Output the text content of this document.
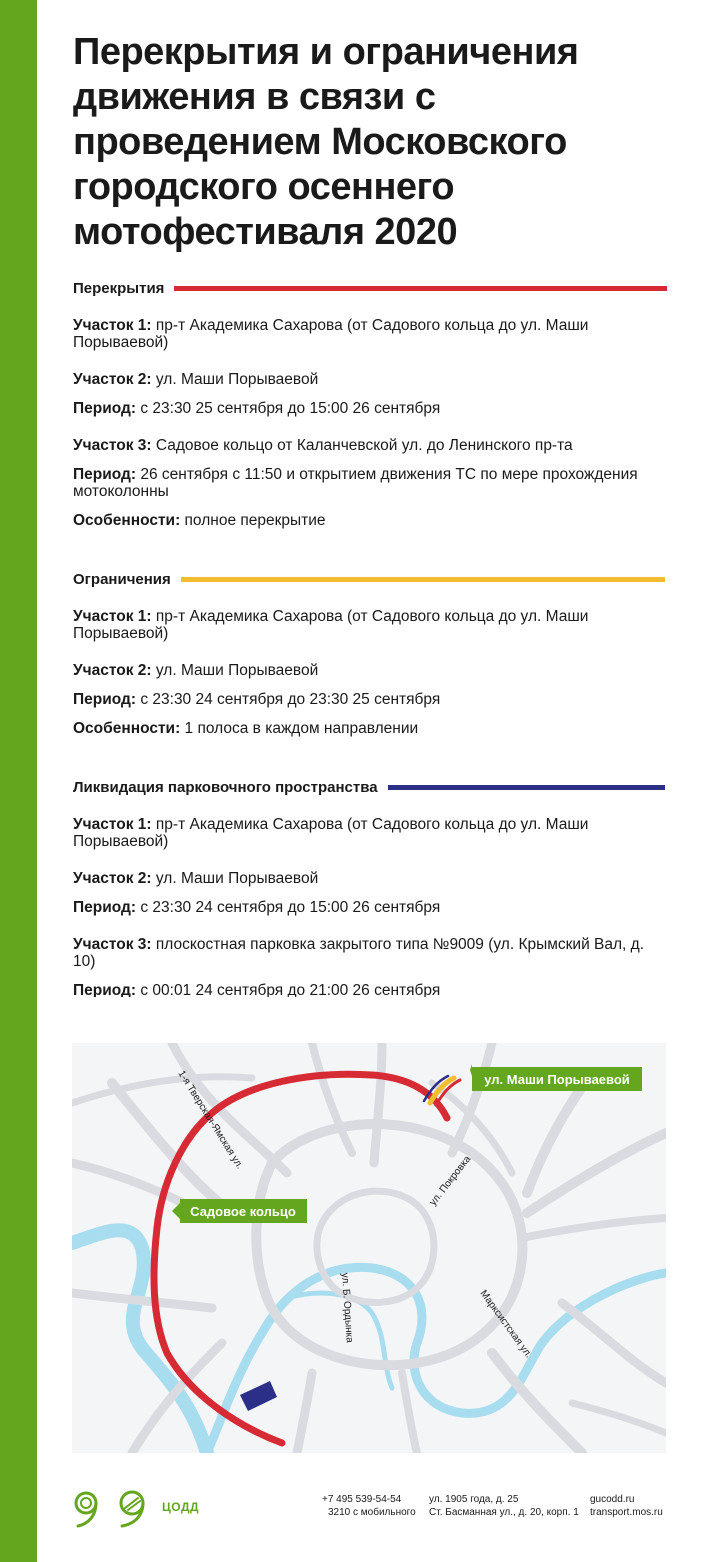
Перекрытия и ограничения движения в связи с проведением Московского городского осеннего мотофестиваля 2020
Перекрытия

Участок 1: пр-т Академика Сахарова (от Садового кольца до ул. Маши Порываевой)

Участок 2: ул. Маши Порываевой

Период: с 23:30 25 сентября до 15:00 26 сентября

Участок 3: Садовое кольцо от Каланчевской ул. до Ленинского пр-та

Период: 26 сентября с 11:50 и открытием движения ТС по мере прохождения мотоколонны

Особенности: полное перекрытие

Ограничения

Участок 1: пр-т Академика Сахарова (от Садового кольца до ул. Маши Порываевой)

Участок 2: ул. Маши Порываевой

Период: с 23:30 24 сентября до 23:30 25 сентября

Особенности: 1 полоса в каждом направлении

Ликвидация парковочного пространства

Участок 1: пр-т Академика Сахарова (от Садового кольца до ул. Маши Порываевой)

Участок 2: ул. Маши Порываевой

Период: с 23:30 24 сентября до 15:00 26 сентября

Участок 3: плоскостная парковка закрытого типа №9009 (ул. Крымский Вал, д. 10)

Период: с 00:01 24 сентября до 21:00 26 сентября

ул. Маши Порываевой
Садовое кольцо
1-я Тверская-Ямская ул.
ул. Покровка
ул. Б. Ордынка	Марксистская ул.
ЦОДД
+7 495 539-54-54
3210 с мобильного
ул. 1905 года, д. 25
Ст. Басманная ул., д. 20, корп. 1
gucodd.ru
transport.mos.ru
